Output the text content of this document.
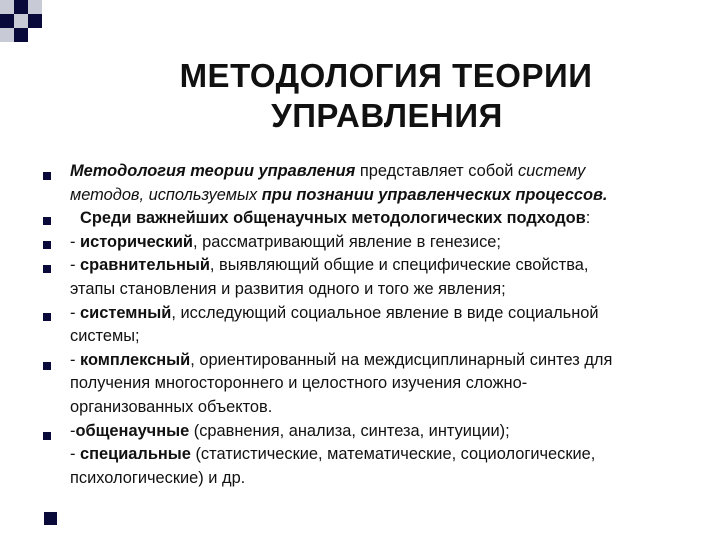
МЕТОДОЛОГИЯ ТЕОРИИ
УПРАВЛЕНИЯ
Методология теории управления представляет собой систему
методов, используемых при познании управленческих процессов.
Среди важнейших общенаучных методологических подходов:
- исторический, рассматривающий явление в генезисе;
- сравнительный, выявляющий общие и специфические свойства,
этапы становления и развития одного и того же явления;
- системный, исследующий социальное явление в виде социальной
системы;
- комплексный, ориентированный на междисциплинарный синтез для
получения многостороннего и целостного изучения сложно-
организованных объектов.
-общенаучные (сравнения, анализа, синтеза, интуиции);
- специальные (статистические, математические, социологические,
психологические) и др.
